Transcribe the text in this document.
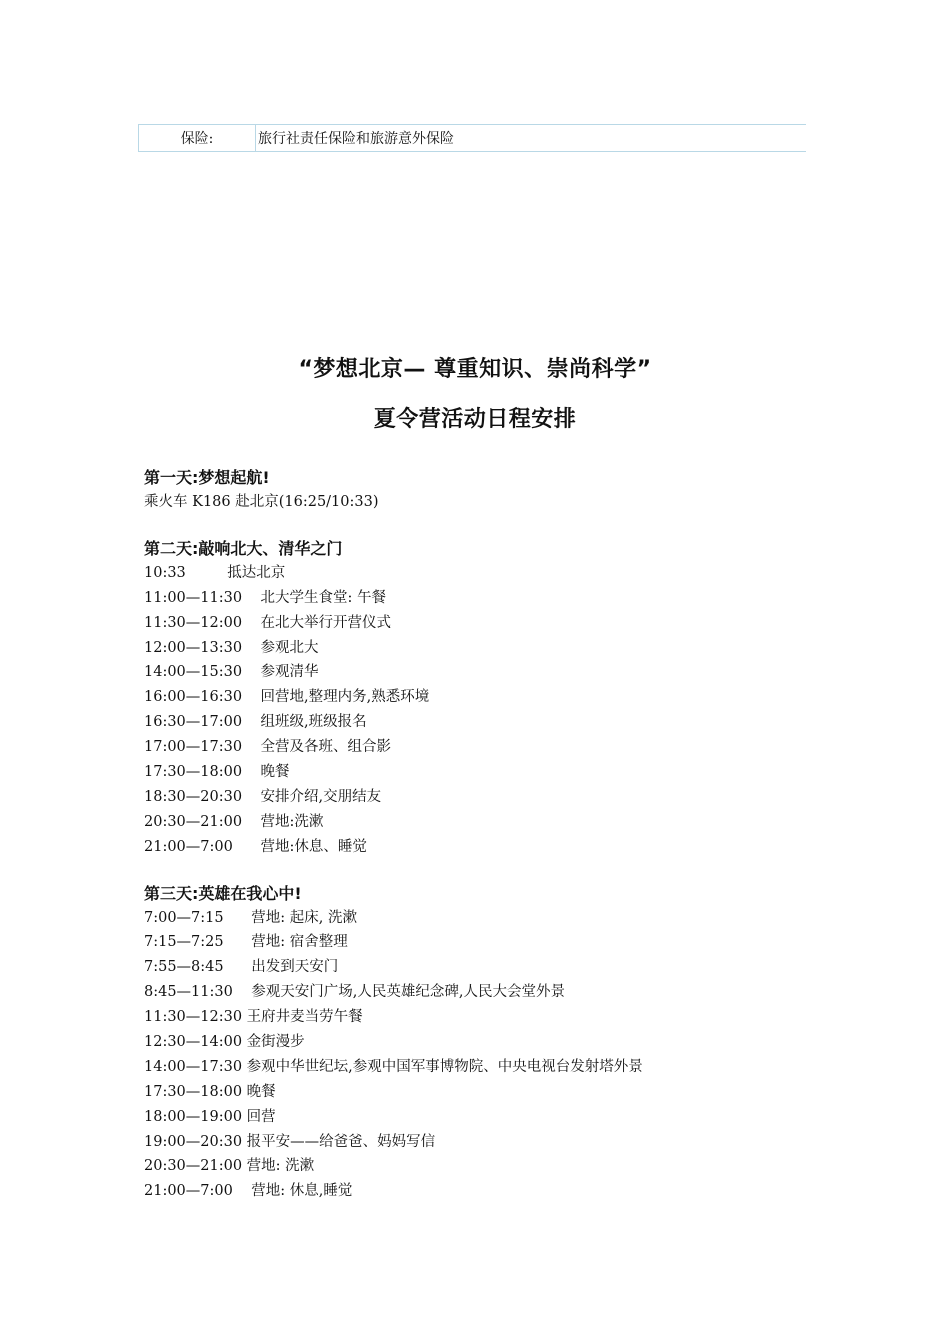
保险:	旅行社责任保险和旅游意外保险
“梦想北京— 尊重知识、崇尚科学”
夏令营活动日程安排
第一天:梦想起航!
乘火车 K186 赴北京(16:25/10:33)
第二天:敲响北大、清华之门
10:33         抵达北京
11:00—11:30    北大学生食堂: 午餐
11:30—12:00    在北大举行开营仪式
12:00—13:30    参观北大
14:00—15:30    参观清华
16:00—16:30    回营地,整理内务,熟悉环境
16:30—17:00    组班级,班级报名
17:00—17:30    全营及各班、组合影
17:30—18:00    晚餐
18:30—20:30    安排介绍,交朋结友
20:30—21:00    营地:洗漱
21:00—7:00      营地:休息、睡觉
第三天:英雄在我心中!
7:00—7:15      营地: 起床, 洗漱
7:15—7:25      营地: 宿舍整理
7:55—8:45      出发到天安门
8:45—11:30    参观天安门广场,人民英雄纪念碑,人民大会堂外景
11:30—12:30 王府井麦当劳午餐
12:30—14:00 金街漫步
14:00—17:30 参观中华世纪坛,参观中国军事博物院、中央电视台发射塔外景
17:30—18:00 晚餐
18:00—19:00 回营
19:00—20:30 报平安——给爸爸、妈妈写信
20:30—21:00 营地: 洗漱
21:00—7:00    营地: 休息,睡觉
